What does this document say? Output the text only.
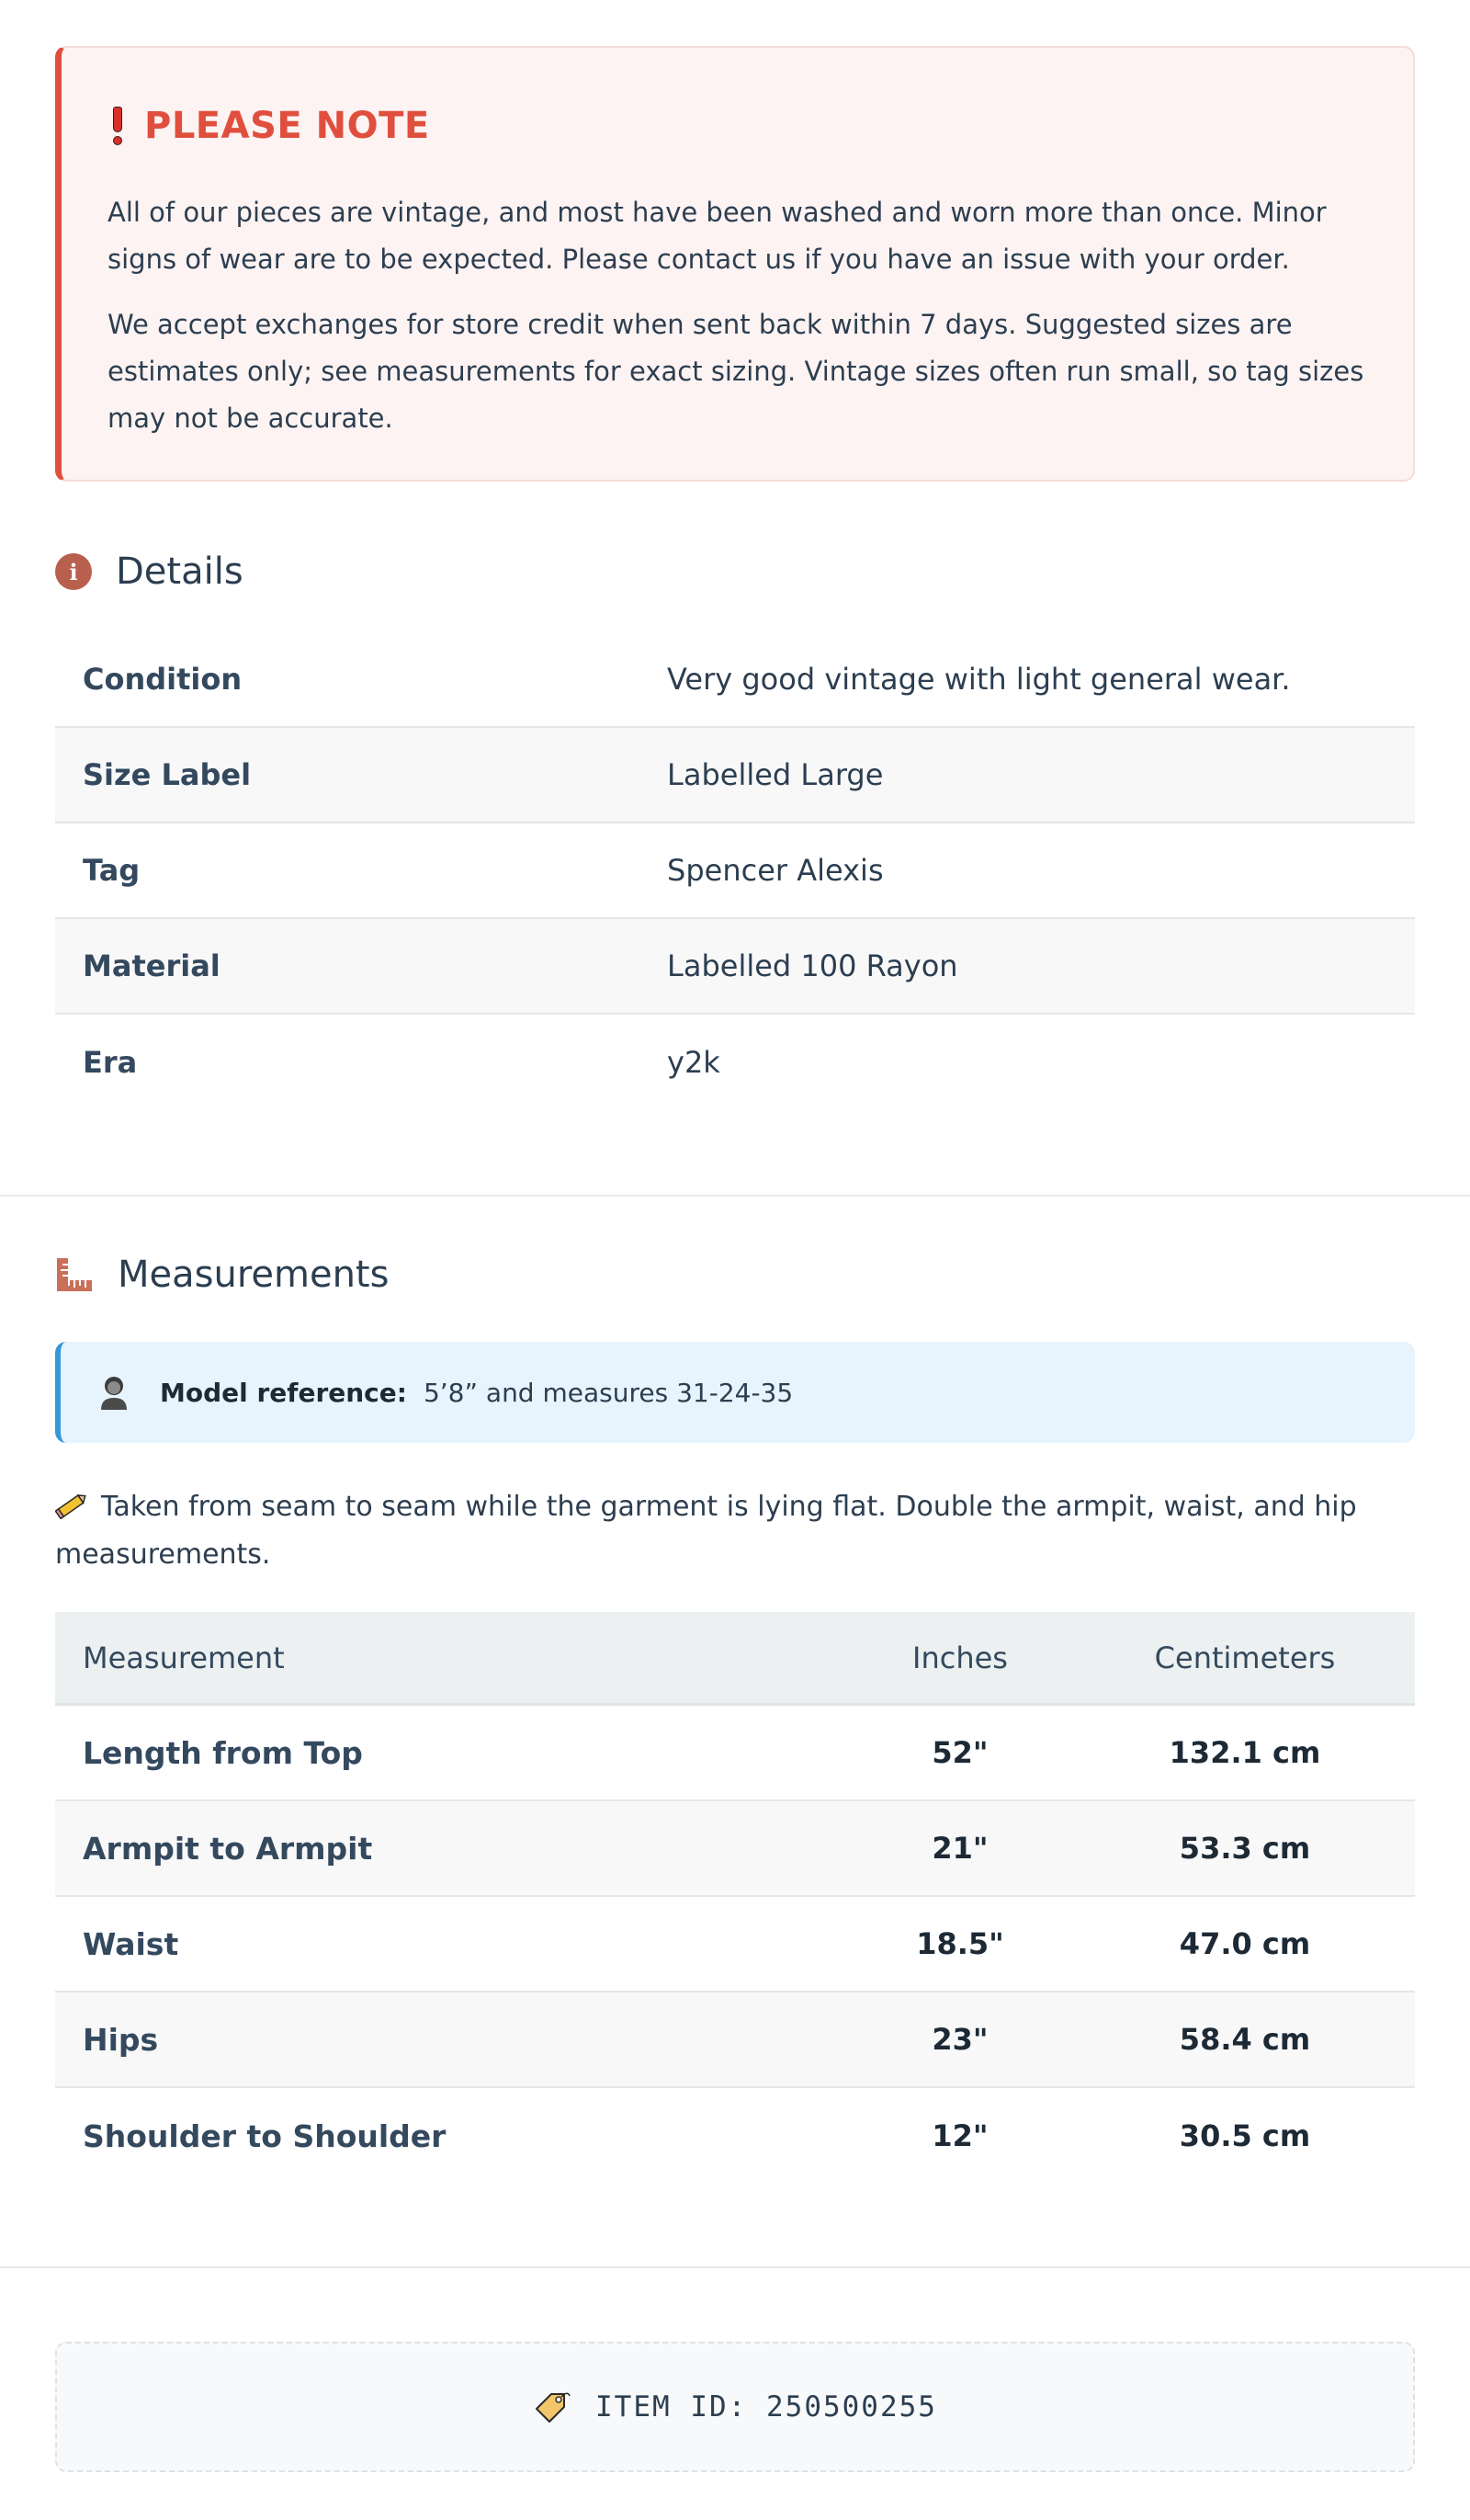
PLEASE NOTE

All of our pieces are vintage, and most have been washed and worn more than once. Minor signs of wear are to be expected. Please contact us if you have an issue with your order.

We accept exchanges for store credit when sent back within 7 days. Suggested sizes are estimates only; see measurements for exact sizing. Vintage sizes often run small, so tag sizes may not be accurate.

i	Details
Condition	Very good vintage with light general wear.
Size Label	Labelled Large
Tag	Spencer Alexis
Material	Labelled 100 Rayon
Era	y2k
Measurements
Model reference: 5’8” and measures 31-24-35
Taken from seam to seam while the garment is lying flat. Double the armpit, waist, and hip measurements.
Measurement	Inches	Centimeters
Length from Top	52"	132.1 cm
Armpit to Armpit	21"	53.3 cm
Waist	18.5"	47.0 cm
Hips	23"	58.4 cm
Shoulder to Shoulder	12"	30.5 cm
ITEM ID: 250500255
